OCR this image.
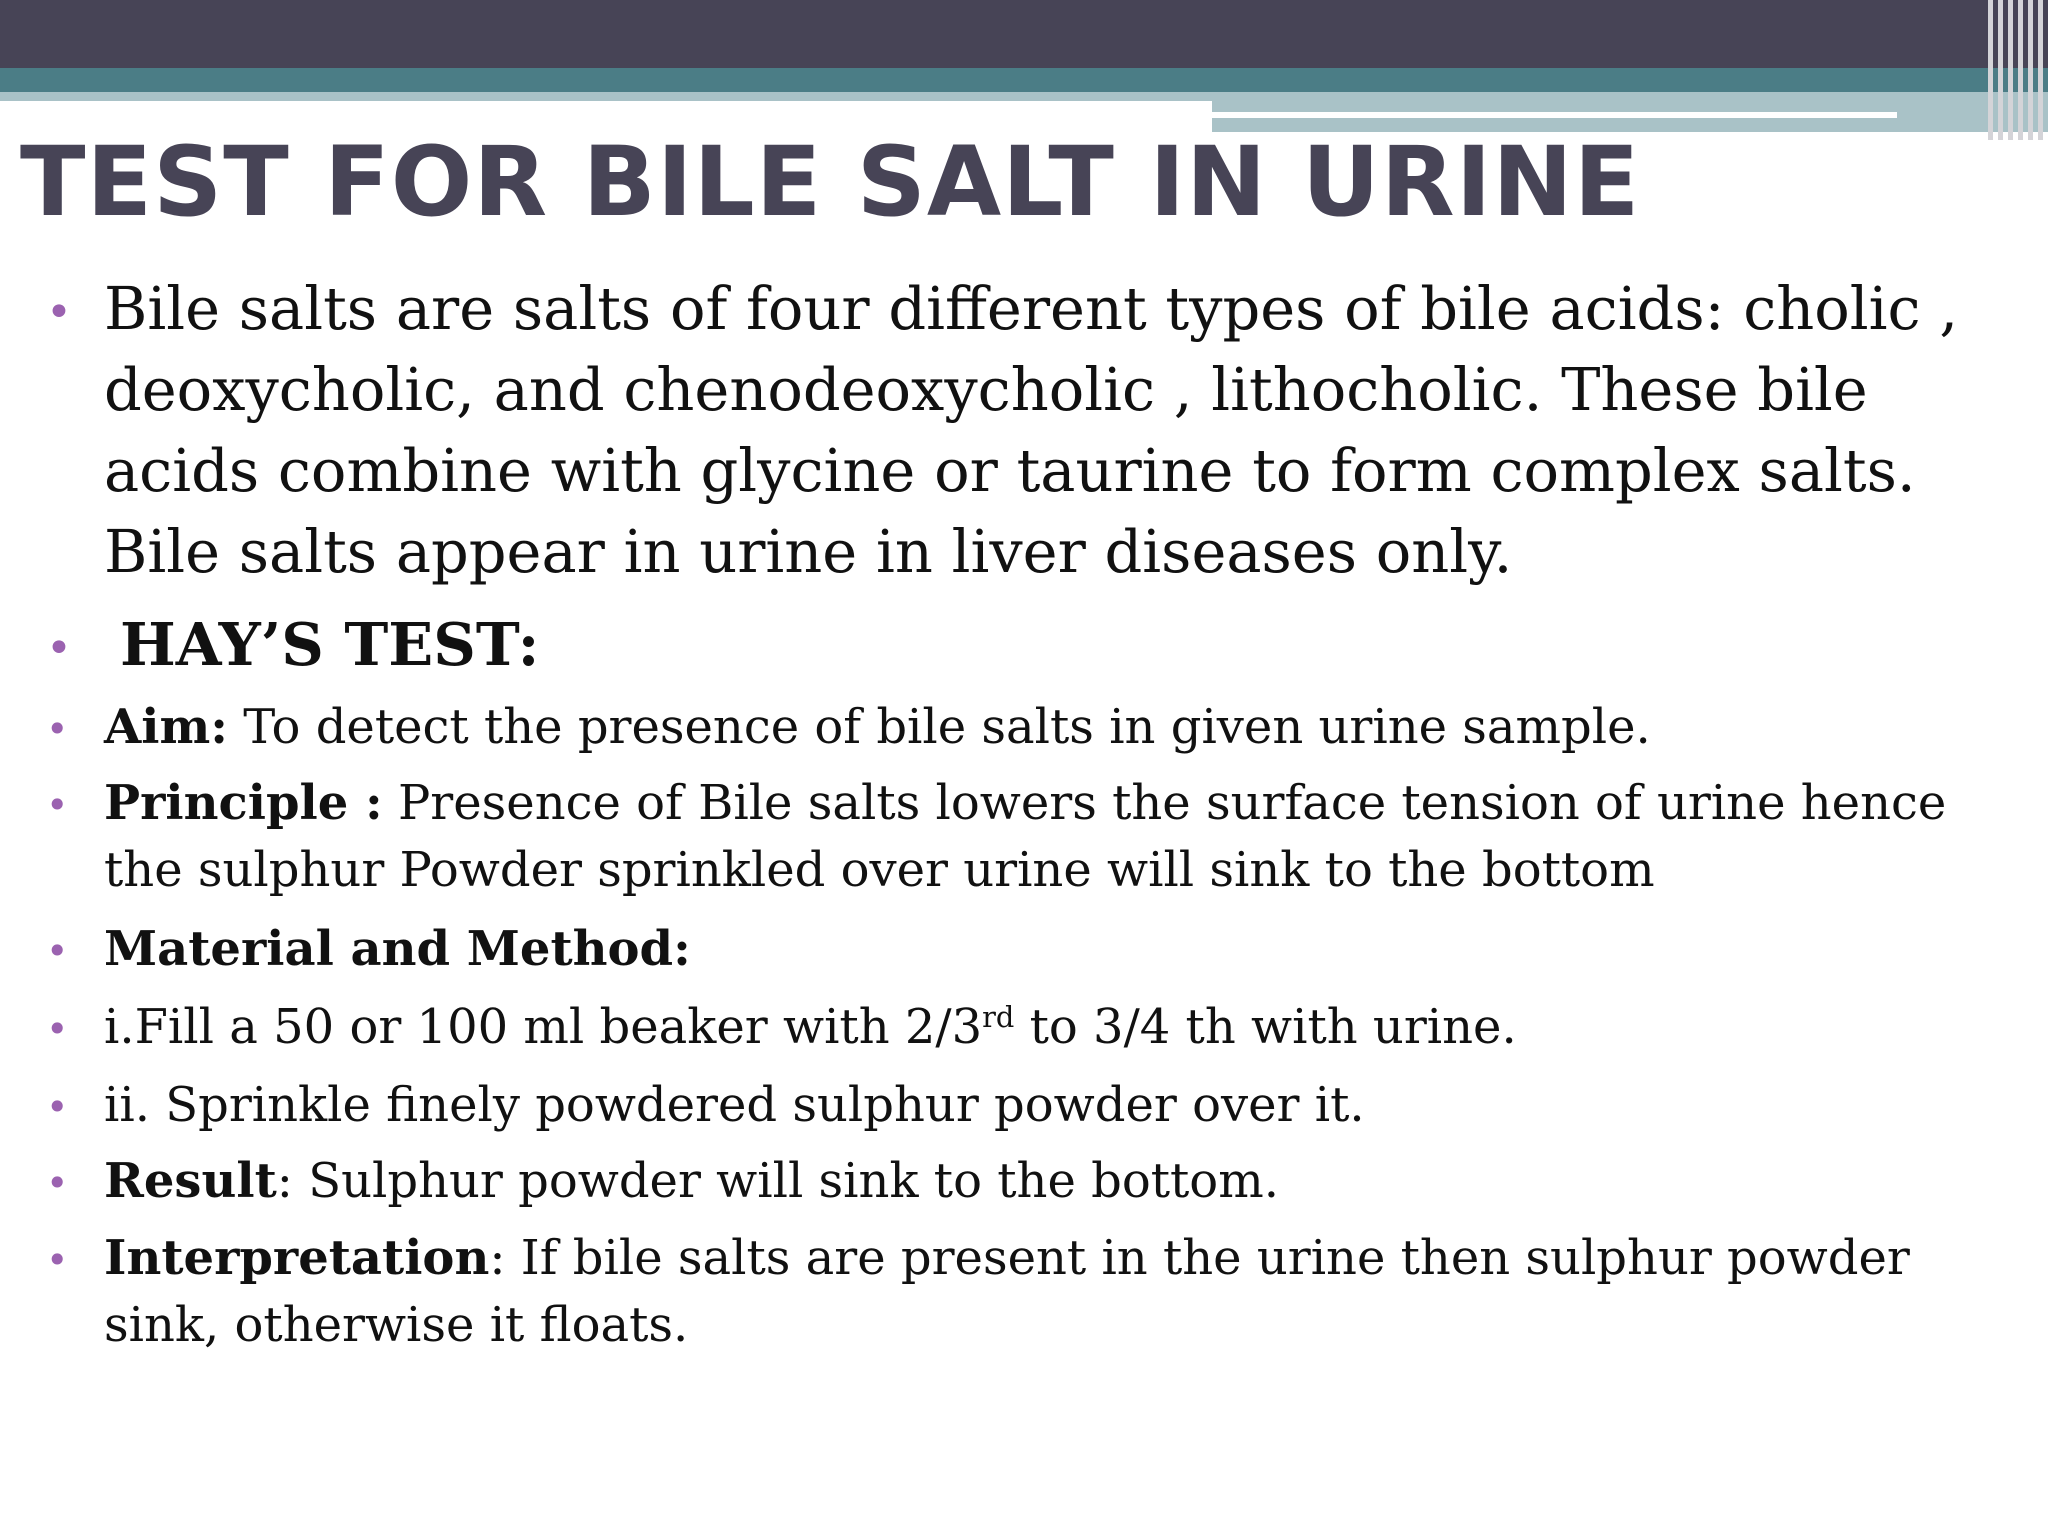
TEST FOR BILE SALT IN URINE
• Bile salts are salts of four different types of bile acids: cholic , deoxycholic, and chenodeoxycholic , lithocholic. These bile acids combine with glycine or taurine to form complex salts. Bile salts appear in urine in liver diseases only.
• HAY’S TEST:
• Aim: To detect the presence of bile salts in given urine sample.
• Principle : Presence of Bile salts lowers the surface tension of urine hence the sulphur Powder sprinkled over urine will sink to the bottom
• Material and Method:
• i.Fill a 50 or 100 ml beaker with 2/3rd to 3/4 th with urine.
• ii. Sprinkle finely powdered sulphur powder over it.
• Result: Sulphur powder will sink to the bottom.
• Interpretation: If bile salts are present in the urine then sulphur powder sink, otherwise it floats.
